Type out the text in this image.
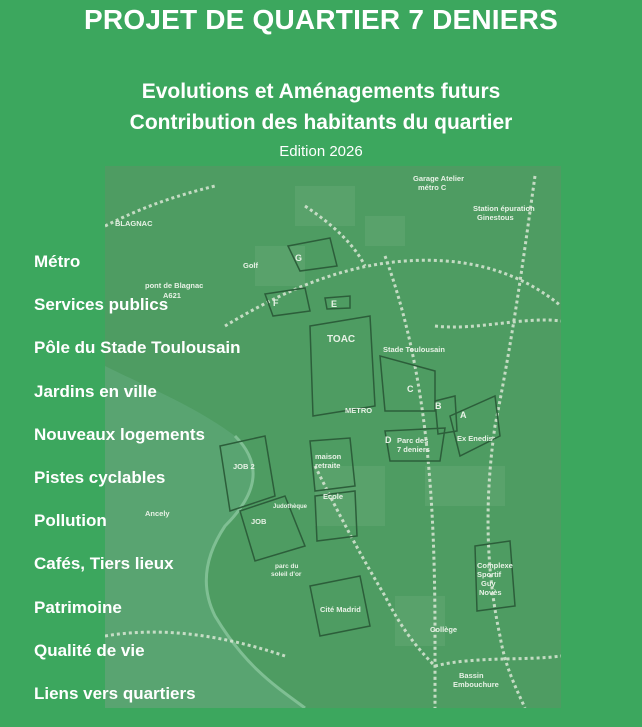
PROJET DE QUARTIER 7 DENIERS
Evolutions et Aménagements futurs
Contribution des habitants du quartier
Edition 2026
Garage Atelier
métro C
Station épuration
Ginestous
BLAGNAC
Golf
pont de Blagnac
A621
TOAC
Stade Toulousain
METRO
Parc des
7 deniers
Ex Enedis
maison
retraite
Ecole
JOB 2
Judothèque
JOB
Ancely
parc du
soleil d'or
Cité Madrid
Complexe
Sportif
Guy
Novès
Collège
Bassin
Embouchure
G
F	E
C
B
A
D
Métro
Services publics
Pôle du Stade Toulousain
Jardins en ville
Nouveaux logements
Pistes cyclables
Pollution
Cafés, Tiers lieux
Patrimoine
Qualité de vie
Liens vers quartiers
